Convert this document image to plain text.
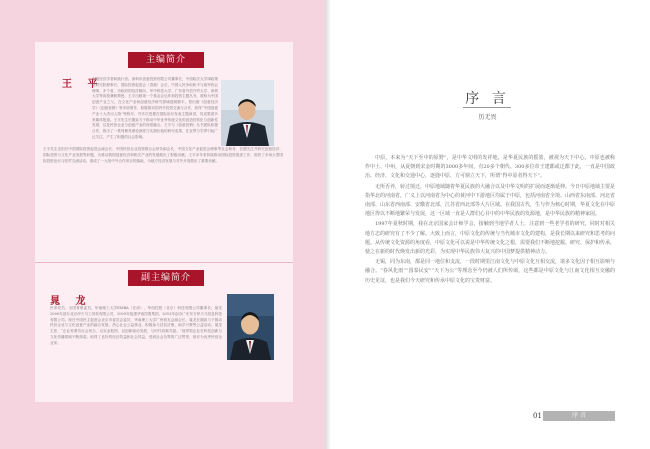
主编简介
王 平

创意经济学者和践行者。深圳市创意投资有限公司董事长，中国政法大学律政策略研究院理事长，国际投资促进会（香港）会长，中国人民争取和平与裁军协会理事，多个省、市政府的经济顾问，华中科技大学、广东省外语外贸大学、深圳大学等高校兼职教授。王平出版第一个基金会运作和投资主题丛书，被称为中国创意产业之父。在文化产业和创意经济研究领域建树颇丰，曾出版《创意经济学》《创意营销》等多部著作，积极推动国内外投资交流与合作，获得“中国创意产业十大杰出人物”等称号，并多次受邀在国际论坛发表主题演讲，其成果被多家媒体报道。王平先生长期致力于推动中华优秀传统文化的创造性转化与创新性发展，以及民营企业与创意产业的深度融合。王平与《创意营销》丛书团队积极合作，推出了一系列兼具理论深度与实践价值的研究成果，在业界与学界引起广泛关注，产生了积极的社会影响。

王平先生还担任中国国际投资促进会副会长、中国民营企业投资联合会常务副会长、中国文化产业促进会理事等社会职务，长期关注并研究创意经济、国际投资与文化产业发展等问题，为推动我国创意经济和相关产业的发展做出了积极贡献。王平多年来持续推动国际投资促进工作，组织了多场大型国际投资论坛与经贸交流活动，促成了一大批中外合作项目的落地，为地方经济发展与对外开放做出了重要贡献。

副主编简介
晁 龙

民革党员，全国青联委员，华南理工大学EMBA（在读），华西控股（北京）科技有限公司董事长。晁龙2000年创办北京伊天马工具机有限公司，2009年组建华西控股集团，2013年创办广东东方伊天马信息科技有限公司。现任中国民主促进会北京市委员会委员，华南理工大学广州校友会副会长。晁龙长期致力于推动民营企业与文化创意产业的融合发展，热心社会公益事业，积极参与扶贫济困、助学兴教等公益活动。晁龙主张：“企业家要有社会担当，以实业报国，以创新驱动发展，与时代同频共振。”他带领企业在科技创新与文化传播领域不断探索，取得了良好的经济效益和社会效益，受到社会各界的广泛赞誉，被评为优秀民营企业家。

序 言
历无畏

中原，本来为“天下至中的原野”，是中华文明的发祥地，是华夏民族的摇篮，被视为天下中心。中原也被称作中土、中州，从夏朝到宋金时期的3000多年间，有20多个朝代、300多位帝王建都或迁都于此，一直是中国政治、经济、文化和交通中心，逐鹿中原、方可鼎立天下，所谓“得中原者得天下”。

无所否养，转过境迁，中原地域随着华夏民族的大融合以及中华文明的扩展而逐渐延伸。今日中原地域主要是指华北的河南省，广义上以河南省为中心的黄河中下游地区均属于中原，包括河南省全境、山西省东南部、河北省南部、山东省西南部、安徽省北部、江苏省西北部等大片区域。在我国古代，生与作为核心时期，华夏文化在中原地区得以不断地繁荣与发展，这一区域一直是人群们心目中的中华民族的发源地，是中华民族的精神家园。

1997年夏秋时期，我在北京国家会计师学会，接触到当地学者人士，注意到一些老学者的研究，同时对相关地方志的研究有了不少了解。大致上而言，中原文化的传统与当代城市文化的建构，是我长期以来研究和思考的问题。从传统文化资源的角度看，中原文化可以说是中华传统文化之根，需要我们不断地挖掘、研究、保护和传承，使之在新的时代焕发出新的光彩，为实现中华民族伟大复兴的中国梦提供精神动力。

无锡，同为东南，都是同一地位和支流，一段时期里江南文化与中原文化互相交流，诸多文化因子相互影响与融合。“春风化雨”“国泰民安”“天下为公”等理念至今仍被人们所传颂，这些都是中原文化与江南文化相互交融的历史见证，也是我们今天研究和传承中原文化的宝贵财富。

01	序 言
